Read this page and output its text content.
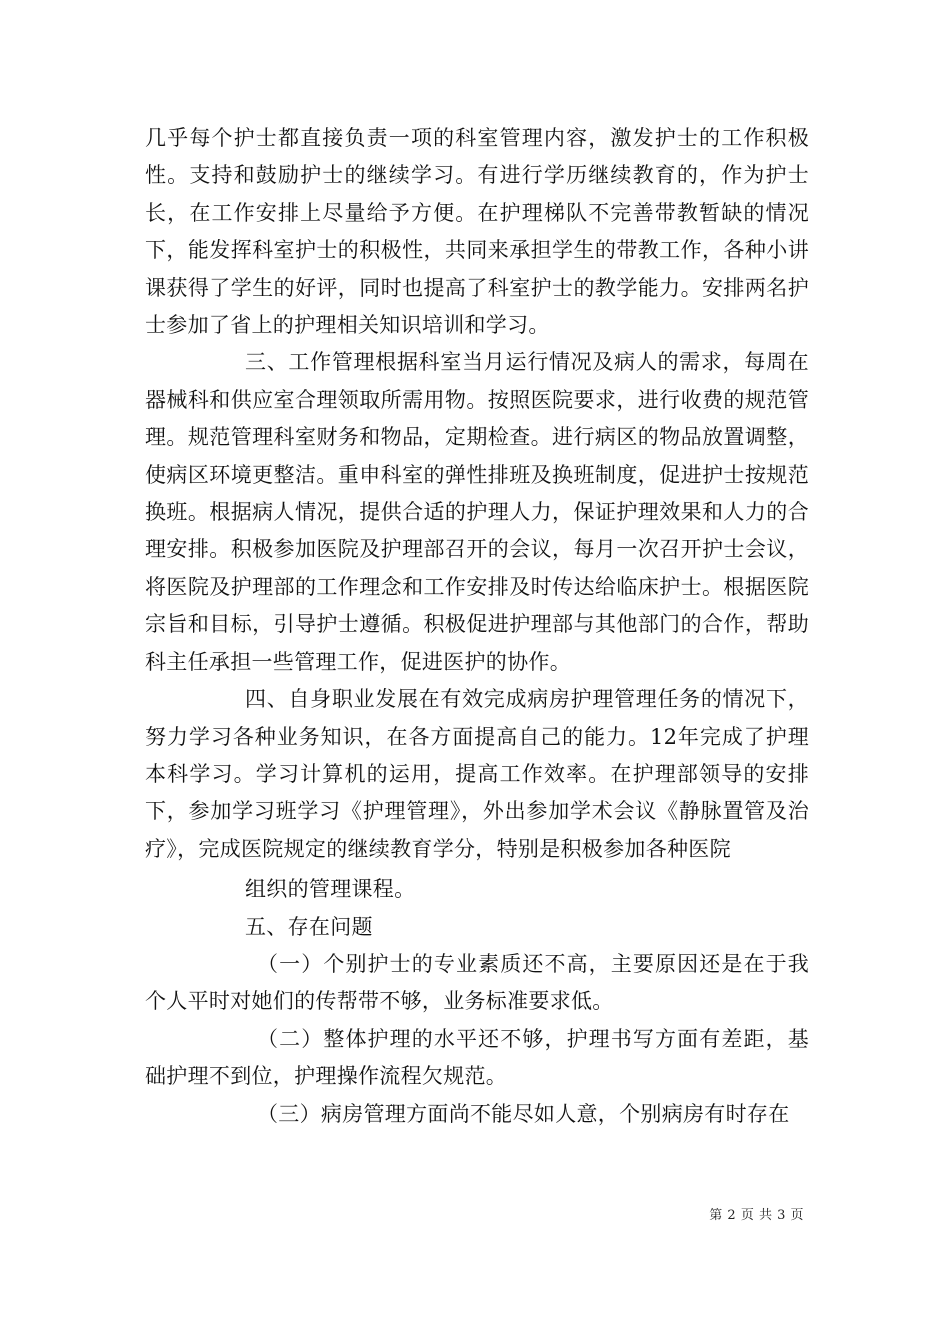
几乎每个护士都直接负责一项的科室管理内容，激发护士的工作积极性。支持和鼓励护士的继续学习。有进行学历继续教育的，作为护士长，在工作安排上尽量给予方便。在护理梯队不完善带教暂缺的情况下，能发挥科室护士的积极性，共同来承担学生的带教工作，各种小讲课获得了学生的好评，同时也提高了科室护士的教学能力。安排两名护士参加了省上的护理相关知识培训和学习。

三、工作管理根据科室当月运行情况及病人的需求，每周在器械科和供应室合理领取所需用物。按照医院要求，进行收费的规范管理。规范管理科室财务和物品，定期检查。进行病区的物品放置调整，使病区环境更整洁。重申科室的弹性排班及换班制度，促进护士按规范换班。根据病人情况，提供合适的护理人力，保证护理效果和人力的合理安排。积极参加医院及护理部召开的会议，每月一次召开护士会议，将医院及护理部的工作理念和工作安排及时传达给临床护士。根据医院宗旨和目标，引导护士遵循。积极促进护理部与其他部门的合作，帮助科主任承担一些管理工作，促进医护的协作。

四、自身职业发展在有效完成病房护理管理任务的情况下，努力学习各种业务知识，在各方面提高自己的能力。12年完成了护理本科学习。学习计算机的运用，提高工作效率。在护理部领导的安排下，参加学习班学习《护理管理》，外出参加学术会议《静脉置管及治疗》，完成医院规定的继续教育学分，特别是积极参加各种医院

组织的管理课程。

五、存在问题

（一）个别护士的专业素质还不高，主要原因还是在于我个人平时对她们的传帮带不够，业务标准要求低。

（二）整体护理的水平还不够，护理书写方面有差距，基础护理不到位，护理操作流程欠规范。

（三）病房管理方面尚不能尽如人意，个别病房有时存在

第 2 页 共 3 页
